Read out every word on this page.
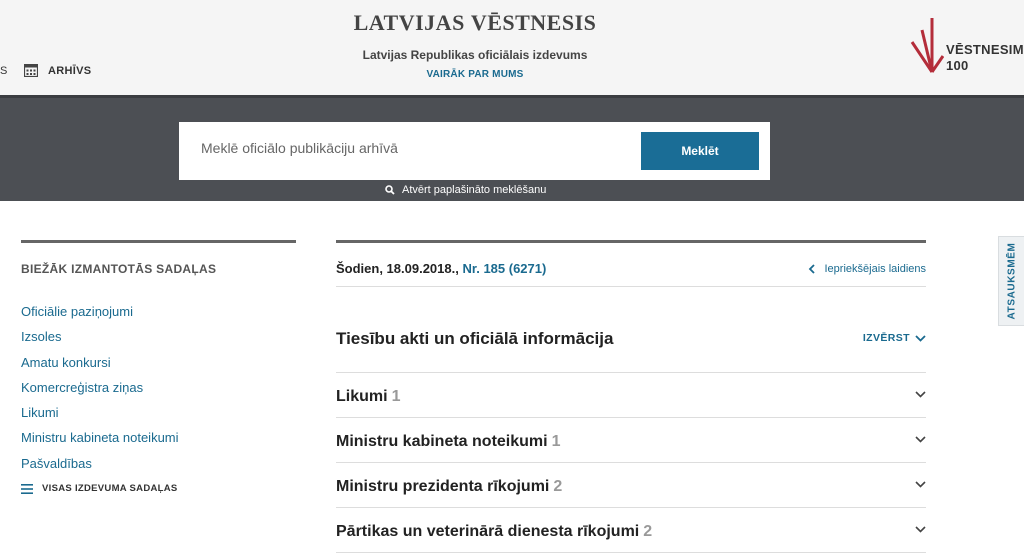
S	ARHĪVS
LATVIJAS VĒSTNESIS
Latvijas Republikas oficiālais izdevums
VAIRĀK PAR MUMS
VĒSTNESIM
100
Meklē oficiālo publikāciju arhīvā
Meklēt
Atvērt paplašināto meklēšanu
BIEŽĀK IZMANTOTĀS SADAĻAS
Oficiālie paziņojumi
Izsoles
Amatu konkursi
Komercreģistra ziņas
Likumi
Ministru kabineta noteikumi
Pašvaldības
VISAS IZDEVUMA SADAĻAS
Šodien, 18.09.2018., Nr. 185 (6271)	Iepriekšējais laidiens
Tiesību akti un oficiālā informācija	IZVĒRST
Likumi 1
Ministru kabineta noteikumi 1
Ministru prezidenta rīkojumi 2
Pārtikas un veterinārā dienesta rīkojumi 2
ATSAUKSMĒM
